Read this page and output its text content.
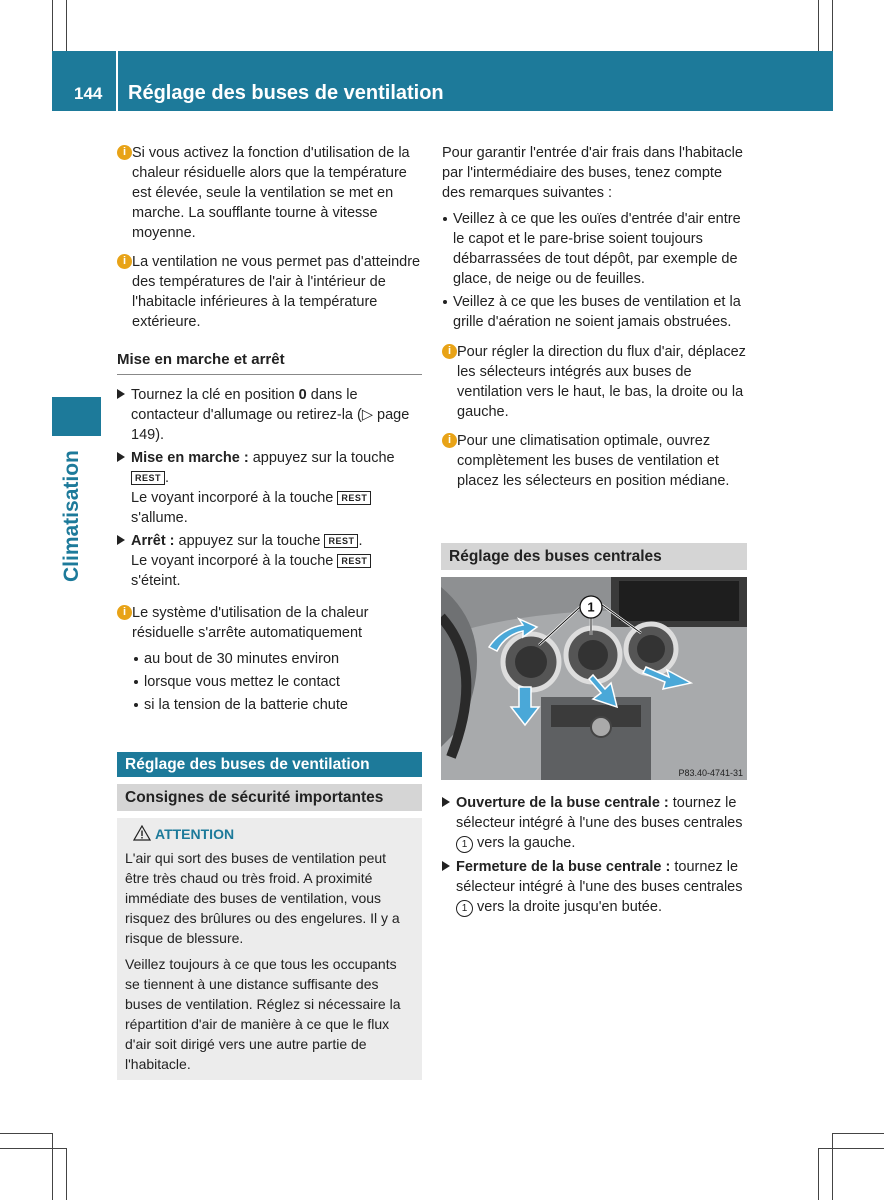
144 Réglage des buses de ventilation
Climatisation

i Si vous activez la fonction d'utilisation de la chaleur résiduelle alors que la température est élevée, seule la ventilation se met en marche. La soufflante tourne à vitesse moyenne.

i La ventilation ne vous permet pas d'atteindre des températures de l'air à l'intérieur de l'habitacle inférieures à la température extérieure.

Mise en marche et arrêt

Tournez la clé en position 0 dans le contacteur d'allumage ou retirez-la (▷ page 149).

Mise en marche : appuyez sur la touche
REST .
Le voyant incorporé à la touche REST s'allume.

Arrêt : appuyez sur la touche REST .
Le voyant incorporé à la touche REST
s'éteint.

i Le système d'utilisation de la chaleur résiduelle s'arrête automatiquement

au bout de 30 minutes environ

lorsque vous mettez le contact

si la tension de la batterie chute

Réglage des buses de ventilation
Consignes de sécurité importantes
ATTENTION

L'air qui sort des buses de ventilation peut être très chaud ou très froid. A proximité immédiate des buses de ventilation, vous risquez des brûlures ou des engelures. Il y a risque de blessure.

Veillez toujours à ce que tous les occupants se tiennent à une distance suffisante des buses de ventilation. Réglez si nécessaire la répartition d'air de manière à ce que le flux d'air soit dirigé vers une autre partie de l'habitacle.

Pour garantir l'entrée d'air frais dans l'habitacle par l'intermédiaire des buses, tenez compte des remarques suivantes :

Veillez à ce que les ouïes d'entrée d'air entre le capot et le pare-brise soient toujours débarrassées de tout dépôt, par exemple de glace, de neige ou de feuilles.

Veillez à ce que les buses de ventilation et la grille d'aération ne soient jamais obstruées.

i Pour régler la direction du flux d'air, déplacez les sélecteurs intégrés aux buses de ventilation vers le haut, le bas, la droite ou la gauche.

i Pour une climatisation optimale, ouvrez complètement les buses de ventilation et placez les sélecteurs en position médiane.

Réglage des buses centrales
1
P83.40-4741-31

Ouverture de la buse centrale : tournez le sélecteur intégré à l'une des buses centrales 1 vers la gauche.

Fermeture de la buse centrale : tournez le sélecteur intégré à l'une des buses centrales 1 vers la droite jusqu'en butée.
